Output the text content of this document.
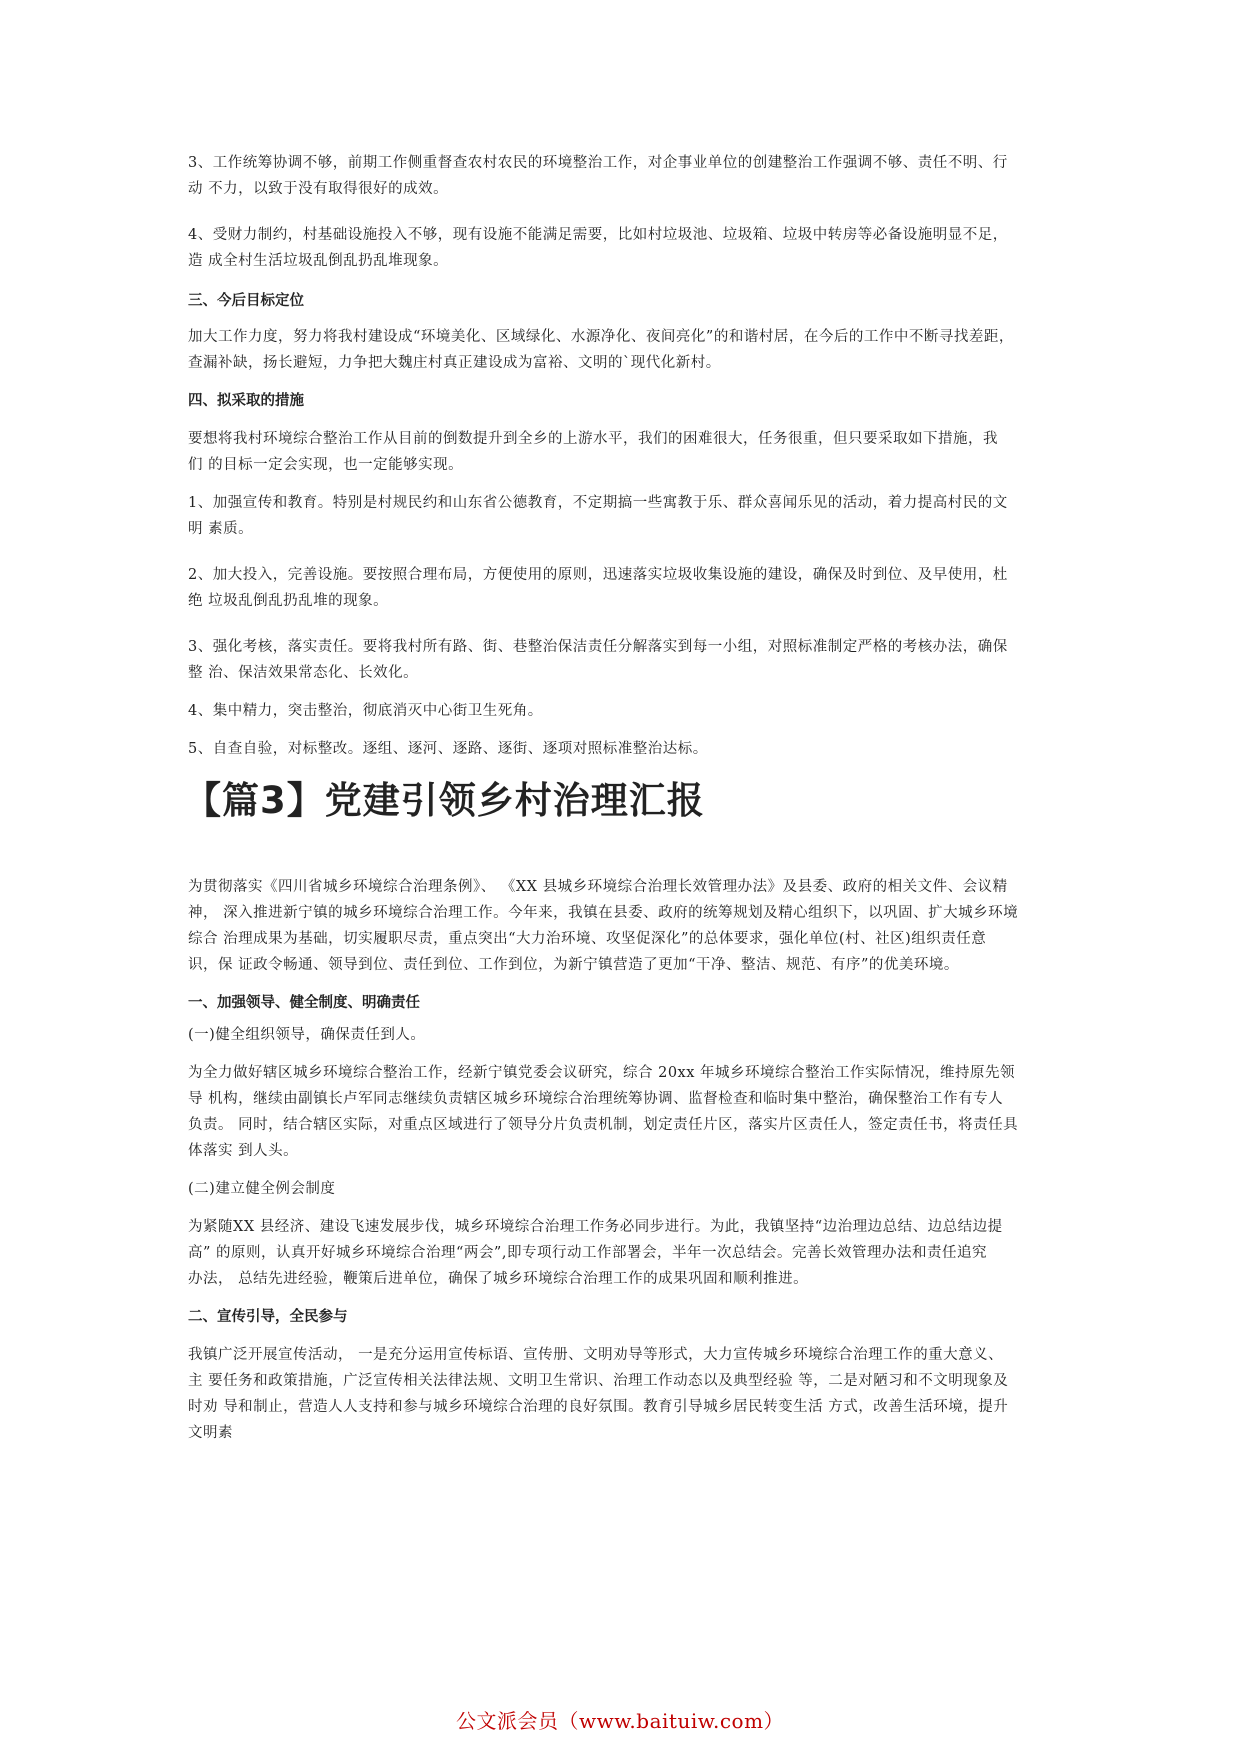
3、工作统筹协调不够，前期工作侧重督查农村农民的环境整治工作，对企事业单位的创建整治工作强调不够、责任不明、行
动 不力，以致于没有取得很好的成效。
4、受财力制约，村基础设施投入不够，现有设施不能满足需要，比如村垃圾池、垃圾箱、垃圾中转房等必备设施明显不足，
造 成全村生活垃圾乱倒乱扔乱堆现象。
三、今后目标定位
加大工作力度，努力将我村建设成“环境美化、区域绿化、水源净化、夜间亮化”的和谐村居，在今后的工作中不断寻找差距，
查漏补缺，扬长避短，力争把大魏庄村真正建设成为富裕、文明的`现代化新村。
四、拟采取的措施
要想将我村环境综合整治工作从目前的倒数提升到全乡的上游水平，我们的困难很大，任务很重，但只要采取如下措施，我
们 的目标一定会实现，也一定能够实现。
1、加强宣传和教育。特别是村规民约和山东省公德教育，不定期搞一些寓教于乐、群众喜闻乐见的活动，着力提高村民的文
明 素质。
2、加大投入，完善设施。要按照合理布局，方便使用的原则，迅速落实垃圾收集设施的建设，确保及时到位、及早使用，杜
绝 垃圾乱倒乱扔乱堆的现象。
3、强化考核，落实责任。要将我村所有路、街、巷整治保洁责任分解落实到每一小组，对照标准制定严格的考核办法，确保
整 治、保洁效果常态化、长效化。
4、集中精力，突击整治，彻底消灭中心街卫生死角。
5、自查自验，对标整改。逐组、逐河、逐路、逐街、逐项对照标准整治达标。
【篇3】党建引领乡村治理汇报
为贯彻落实《四川省城乡环境综合治理条例》、 《XX 县城乡环境综合治理长效管理办法》及县委、政府的相关文件、会议精
神， 深入推进新宁镇的城乡环境综合治理工作。今年来，我镇在县委、政府的统筹规划及精心组织下，以巩固、扩大城乡环境
综合 治理成果为基础，切实履职尽责，重点突出“大力治环境、攻坚促深化”的总体要求，强化单位(村、社区)组织责任意
识，保 证政令畅通、领导到位、责任到位、工作到位，为新宁镇营造了更加“干净、整洁、规范、有序”的优美环境。
一、加强领导、健全制度、明确责任
(一)健全组织领导，确保责任到人。
为全力做好辖区城乡环境综合整治工作，经新宁镇党委会议研究，综合 20xx 年城乡环境综合整治工作实际情况，维持原先领
导 机构，继续由副镇长卢军同志继续负责辖区城乡环境综合治理统筹协调、监督检查和临时集中整治，确保整治工作有专人
负责。 同时，结合辖区实际，对重点区域进行了领导分片负责机制，划定责任片区，落实片区责任人，签定责任书，将责任具
体落实 到人头。
(二)建立健全例会制度
为紧随XX 县经济、建设飞速发展步伐，城乡环境综合治理工作务必同步进行。为此，我镇坚持“边治理边总结、边总结边提
高” 的原则，认真开好城乡环境综合治理“两会”,即专项行动工作部署会，半年一次总结会。完善长效管理办法和责任追究
办法， 总结先进经验，鞭策后进单位，确保了城乡环境综合治理工作的成果巩固和顺利推进。
二、宣传引导，全民参与
我镇广泛开展宣传活动， 一是充分运用宣传标语、宣传册、文明劝导等形式，大力宣传城乡环境综合治理工作的重大意义、
主 要任务和政策措施，广泛宣传相关法律法规、文明卫生常识、治理工作动态以及典型经验 等，二是对陋习和不文明现象及
时劝 导和制止，营造人人支持和参与城乡环境综合治理的良好氛围。教育引导城乡居民转变生活 方式，改善生活环境，提升
文明素
公文派会员（www.baituiw.com）
